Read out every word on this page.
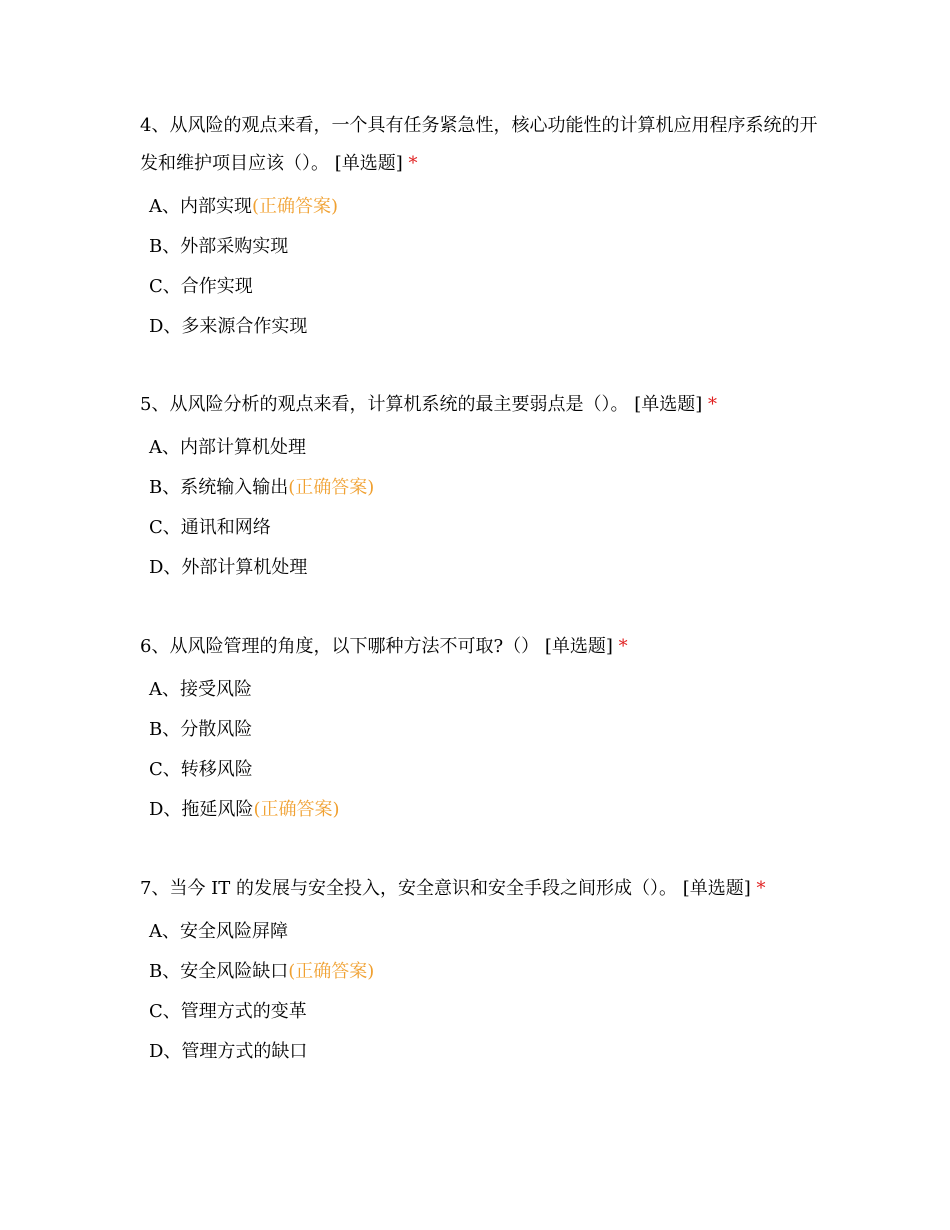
4、从风险的观点来看，一个具有任务紧急性，核心功能性的计算机应用程序系统的开发和维护项目应该（）。 [单选题] *

A、内部实现(正确答案)
B、外部采购实现
C、合作实现
D、多来源合作实现

5、从风险分析的观点来看，计算机系统的最主要弱点是（）。 [单选题] *

A、内部计算机处理
B、系统输入输出(正确答案)
C、通讯和网络
D、外部计算机处理

6、从风险管理的角度，以下哪种方法不可取?（） [单选题] *

A、接受风险
B、分散风险
C、转移风险
D、拖延风险(正确答案)

7、当今 IT 的发展与安全投入，安全意识和安全手段之间形成（）。 [单选题] *

A、安全风险屏障
B、安全风险缺口(正确答案)
C、管理方式的变革
D、管理方式的缺口
